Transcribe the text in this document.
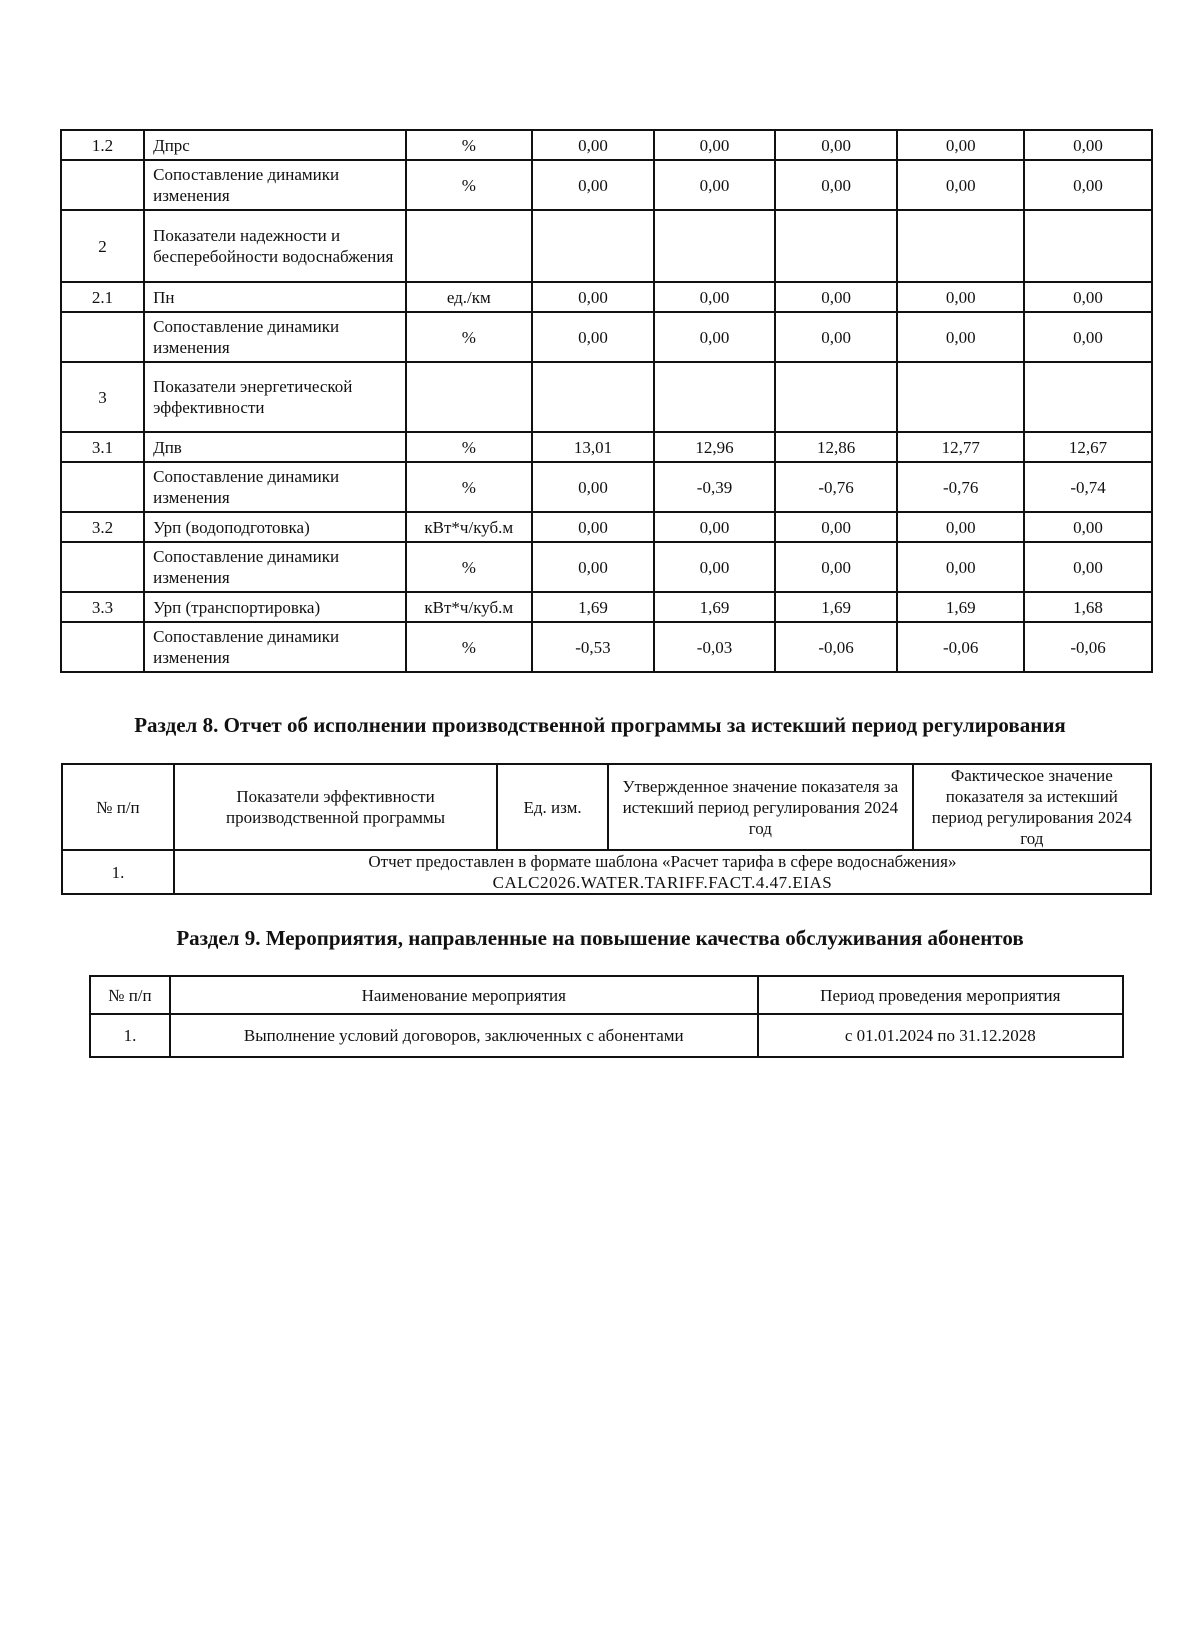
1.2	Дпрс	%	0,00	0,00	0,00	0,00	0,00
	Сопоставление динамики изменения	%	0,00	0,00	0,00	0,00	0,00
2	Показатели надежности и бесперебойности водоснабжения						
2.1	Пн	ед./км	0,00	0,00	0,00	0,00	0,00
	Сопоставление динамики изменения	%	0,00	0,00	0,00	0,00	0,00
3	Показатели энергетической эффективности						
3.1	Дпв	%	13,01	12,96	12,86	12,77	12,67
	Сопоставление динамики изменения	%	0,00	-0,39	-0,76	-0,76	-0,74
3.2	Урп (водоподготовка)	кВт*ч/куб.м	0,00	0,00	0,00	0,00	0,00
	Сопоставление динамики изменения	%	0,00	0,00	0,00	0,00	0,00
3.3	Урп (транспортировка)	кВт*ч/куб.м	1,69	1,69	1,69	1,69	1,68
	Сопоставление динамики изменения	%	-0,53	-0,03	-0,06	-0,06	-0,06
Раздел 8. Отчет об исполнении производственной программы за истекший период регулирования
№ п/п	Показатели эффективности производственной программы	Ед. изм.	Утвержденное значение показателя за истекший период регулирования 2024 год	Фактическое значение показателя за истекший период регулирования 2024 год
1.	Отчет предоставлен в формате шаблона «Расчет тарифа в сфере водоснабжения»
CALC2026.WATER.TARIFF.FACT.4.47.EIAS			
Раздел 9. Мероприятия, направленные на повышение качества обслуживания абонентов
№ п/п	Наименование мероприятия	Период проведения мероприятия
1.	Выполнение условий договоров, заключенных с абонентами	с 01.01.2024 по 31.12.2028
